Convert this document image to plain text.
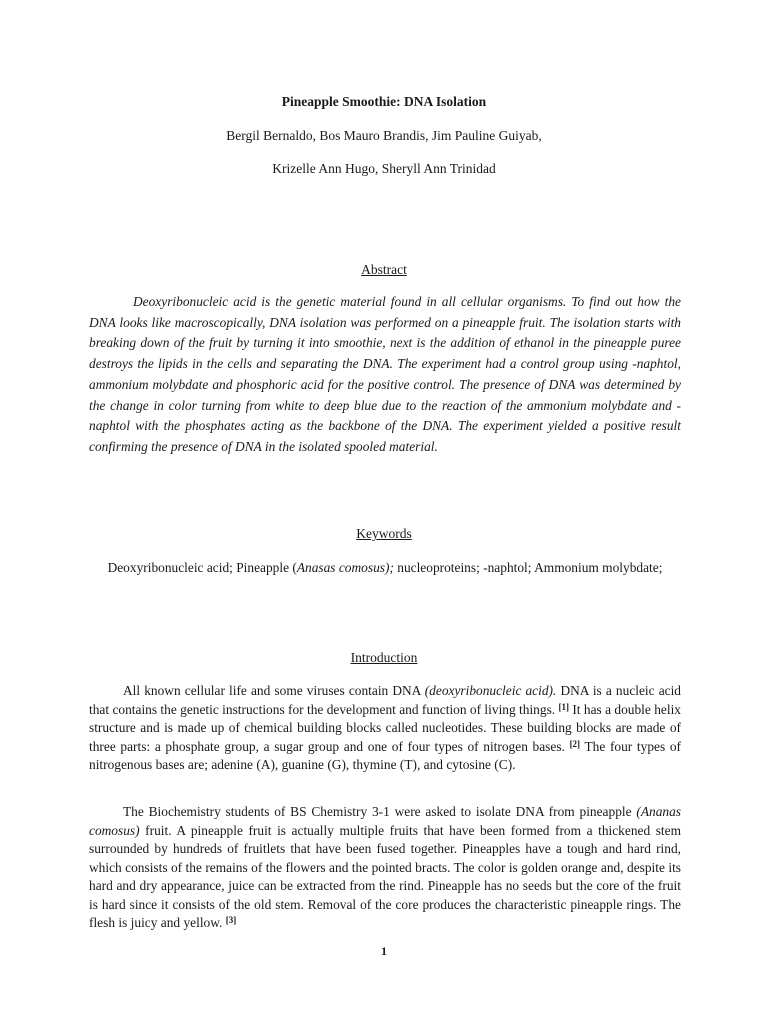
Pineapple Smoothie: DNA Isolation
Bergil Bernaldo, Bos Mauro Brandis, Jim Pauline Guiyab,
Krizelle Ann Hugo, Sheryll Ann Trinidad
Abstract

Deoxyribonucleic acid is the genetic material found in all cellular organisms. To find out how the DNA looks like macroscopically, DNA isolation was performed on a pineapple fruit. The isolation starts with breaking down of the fruit by turning it into smoothie, next is the addition of ethanol in the pineapple puree destroys the lipids in the cells and separating the DNA. The experiment had a control group using -naphtol, ammonium molybdate and phosphoric acid for the positive control. The presence of DNA was determined by the change in color turning from white to deep blue due to the reaction of the ammonium molybdate and -naphtol with the phosphates acting as the backbone of the DNA. The experiment yielded a positive result confirming the presence of DNA in the isolated spooled material.

Keywords

Deoxyribonucleic acid; Pineapple (Anasas comosus); nucleoproteins; -naphtol; Ammonium molybdate;

Introduction

All known cellular life and some viruses contain DNA (deoxyribonucleic acid). DNA is a nucleic acid that contains the genetic instructions for the development and function of living things. [1] It has a double helix structure and is made up of chemical building blocks called nucleotides. These building blocks are made of three parts: a phosphate group, a sugar group and one of four types of nitrogen bases. [2] The four types of nitrogenous bases are; adenine (A), guanine (G), thymine (T), and cytosine (C).

The Biochemistry students of BS Chemistry 3-1 were asked to isolate DNA from pineapple (Ananas comosus) fruit. A pineapple fruit is actually multiple fruits that have been formed from a thickened stem surrounded by hundreds of fruitlets that have been fused together. Pineapples have a tough and hard rind, which consists of the remains of the flowers and the pointed bracts. The color is golden orange and, despite its hard and dry appearance, juice can be extracted from the rind. Pineapple has no seeds but the core of the fruit is hard since it consists of the old stem. Removal of the core produces the characteristic pineapple rings. The flesh is juicy and yellow. [3]

1
